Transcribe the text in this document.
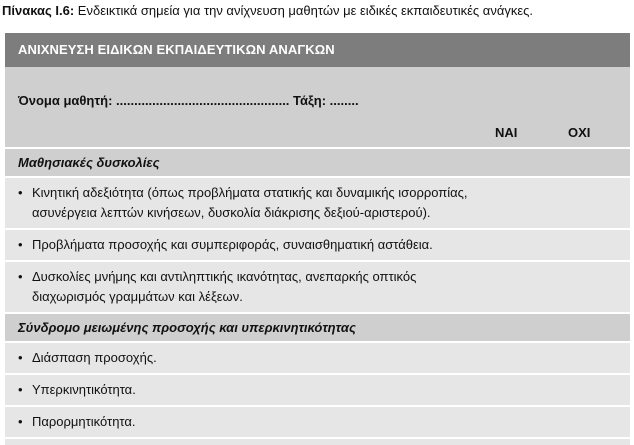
Πίνακας Ι.6: Ενδεικτικά σημεία για την ανίχνευση μαθητών με ειδικές εκπαιδευτικές ανάγκες.
ΑΝΙΧΝΕΥΣΗ ΕΙΔΙΚΩΝ ΕΚΠΑΙΔΕΥΤΙΚΩΝ ΑΝΑΓΚΩΝ
Όνομα μαθητή: ................................................ Τάξη: ........
ΝΑΙ	ΟΧΙ
Μαθησιακές δυσκολίες
• Κινητική αδεξιότητα (όπως προβλήματα στατικής και δυναμικής ισορροπίας, ασυνέργεια λεπτών κινήσεων, δυσκολία διάκρισης δεξιού-αριστερού).
• Προβλήματα προσοχής και συμπεριφοράς, συναισθηματική αστάθεια.
• Δυσκολίες μνήμης και αντιληπτικής ικανότητας, ανεπαρκής οπτικός διαχωρισμός γραμμάτων και λέξεων.
Σύνδρομο μειωμένης προσοχής και υπερκινητικότητας
• Διάσπαση προσοχής.
• Υπερκινητικότητα.
• Παρορμητικότητα.
